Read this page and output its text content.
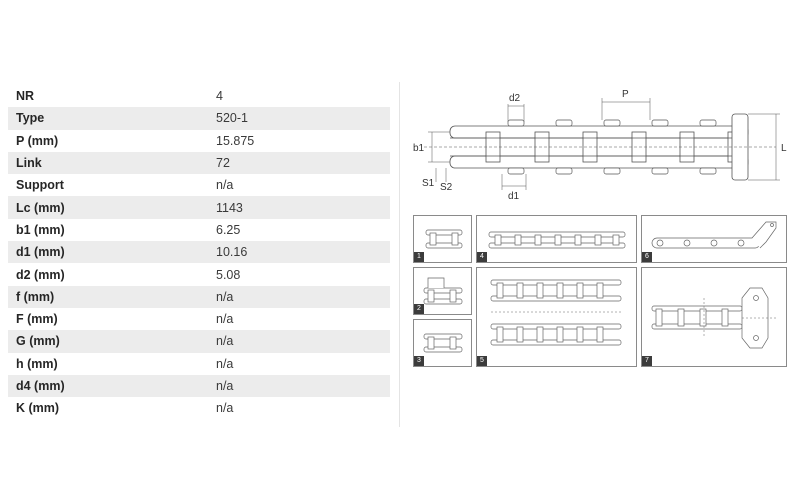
NR	4
Type	520-1
P (mm)	15.875
Link	72
Support	n/a
Lc (mm)	1143
b1 (mm)	6.25
d1 (mm)	10.16
d2 (mm)	5.08
f (mm)	n/a
F (mm)	n/a
G (mm)	n/a
h (mm)	n/a
d4 (mm)	n/a
K (mm)	n/a
d2	P
b1	L
S1 S2
d1
1
2
3
4
5
6
7
